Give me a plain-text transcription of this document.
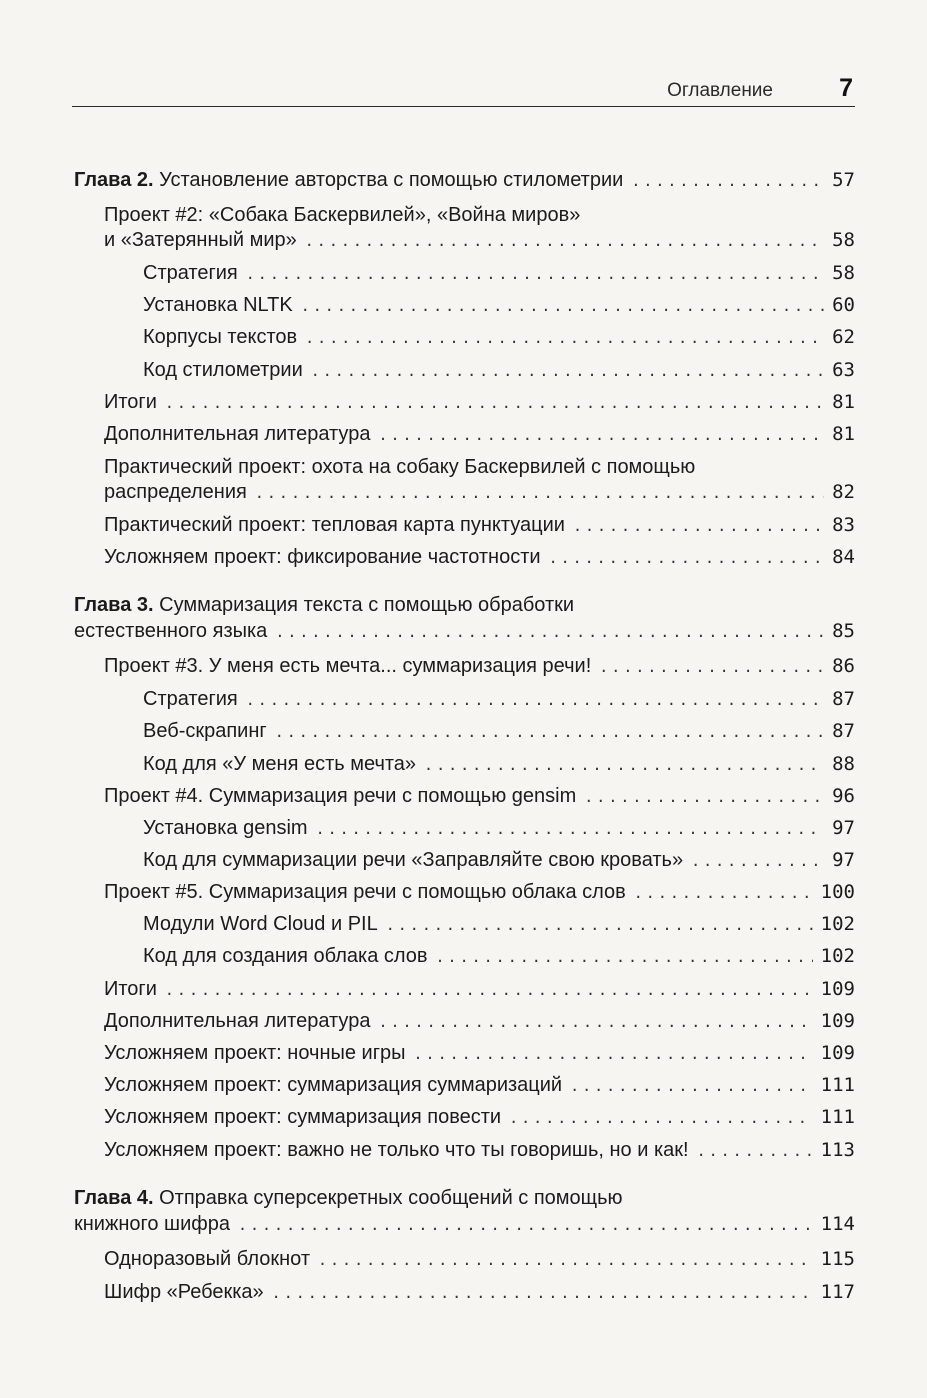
Оглавление	7
Глава 2. Установление авторства с помощью стилометрии .....	57
Проект #2: «Собака Баскервилей», «Война миров»
и «Затерянный мир» .....	58
Стратегия .....	58
Установка NLTK .....	60
Корпусы текстов .....	62
Код стилометрии .....	63
Итоги .....	81
Дополнительная литература .....	81
Практический проект: охота на собаку Баскервилей с помощью
распределения .....	82
Практический проект: тепловая карта пунктуации .....	83
Усложняем проект: фиксирование частотности .....	84
Глава 3. Суммаризация текста с помощью обработки
естественного языка .....	85
Проект #3. У меня есть мечта... суммаризация речи! .....	86
Стратегия .....	87
Веб-скрапинг .....	87
Код для «У меня есть мечта» .....	88
Проект #4. Суммаризация речи с помощью gensim .....	96
Установка gensim .....	97
Код для суммаризации речи «Заправляйте свою кровать» .....	97
Проект #5. Суммаризация речи с помощью облака слов .....	100
Модули Word Cloud и PIL .....	102
Код для создания облака слов .....	102
Итоги .....	109
Дополнительная литература .....	109
Усложняем проект: ночные игры .....	109
Усложняем проект: суммаризация суммаризаций .....	111
Усложняем проект: суммаризация повести .....	111
Усложняем проект: важно не только что ты говоришь, но и как! .....	113
Глава 4. Отправка суперсекретных сообщений с помощью
книжного шифра .....	114
Одноразовый блокнот .....	115
Шифр «Ребекка» .....	117
